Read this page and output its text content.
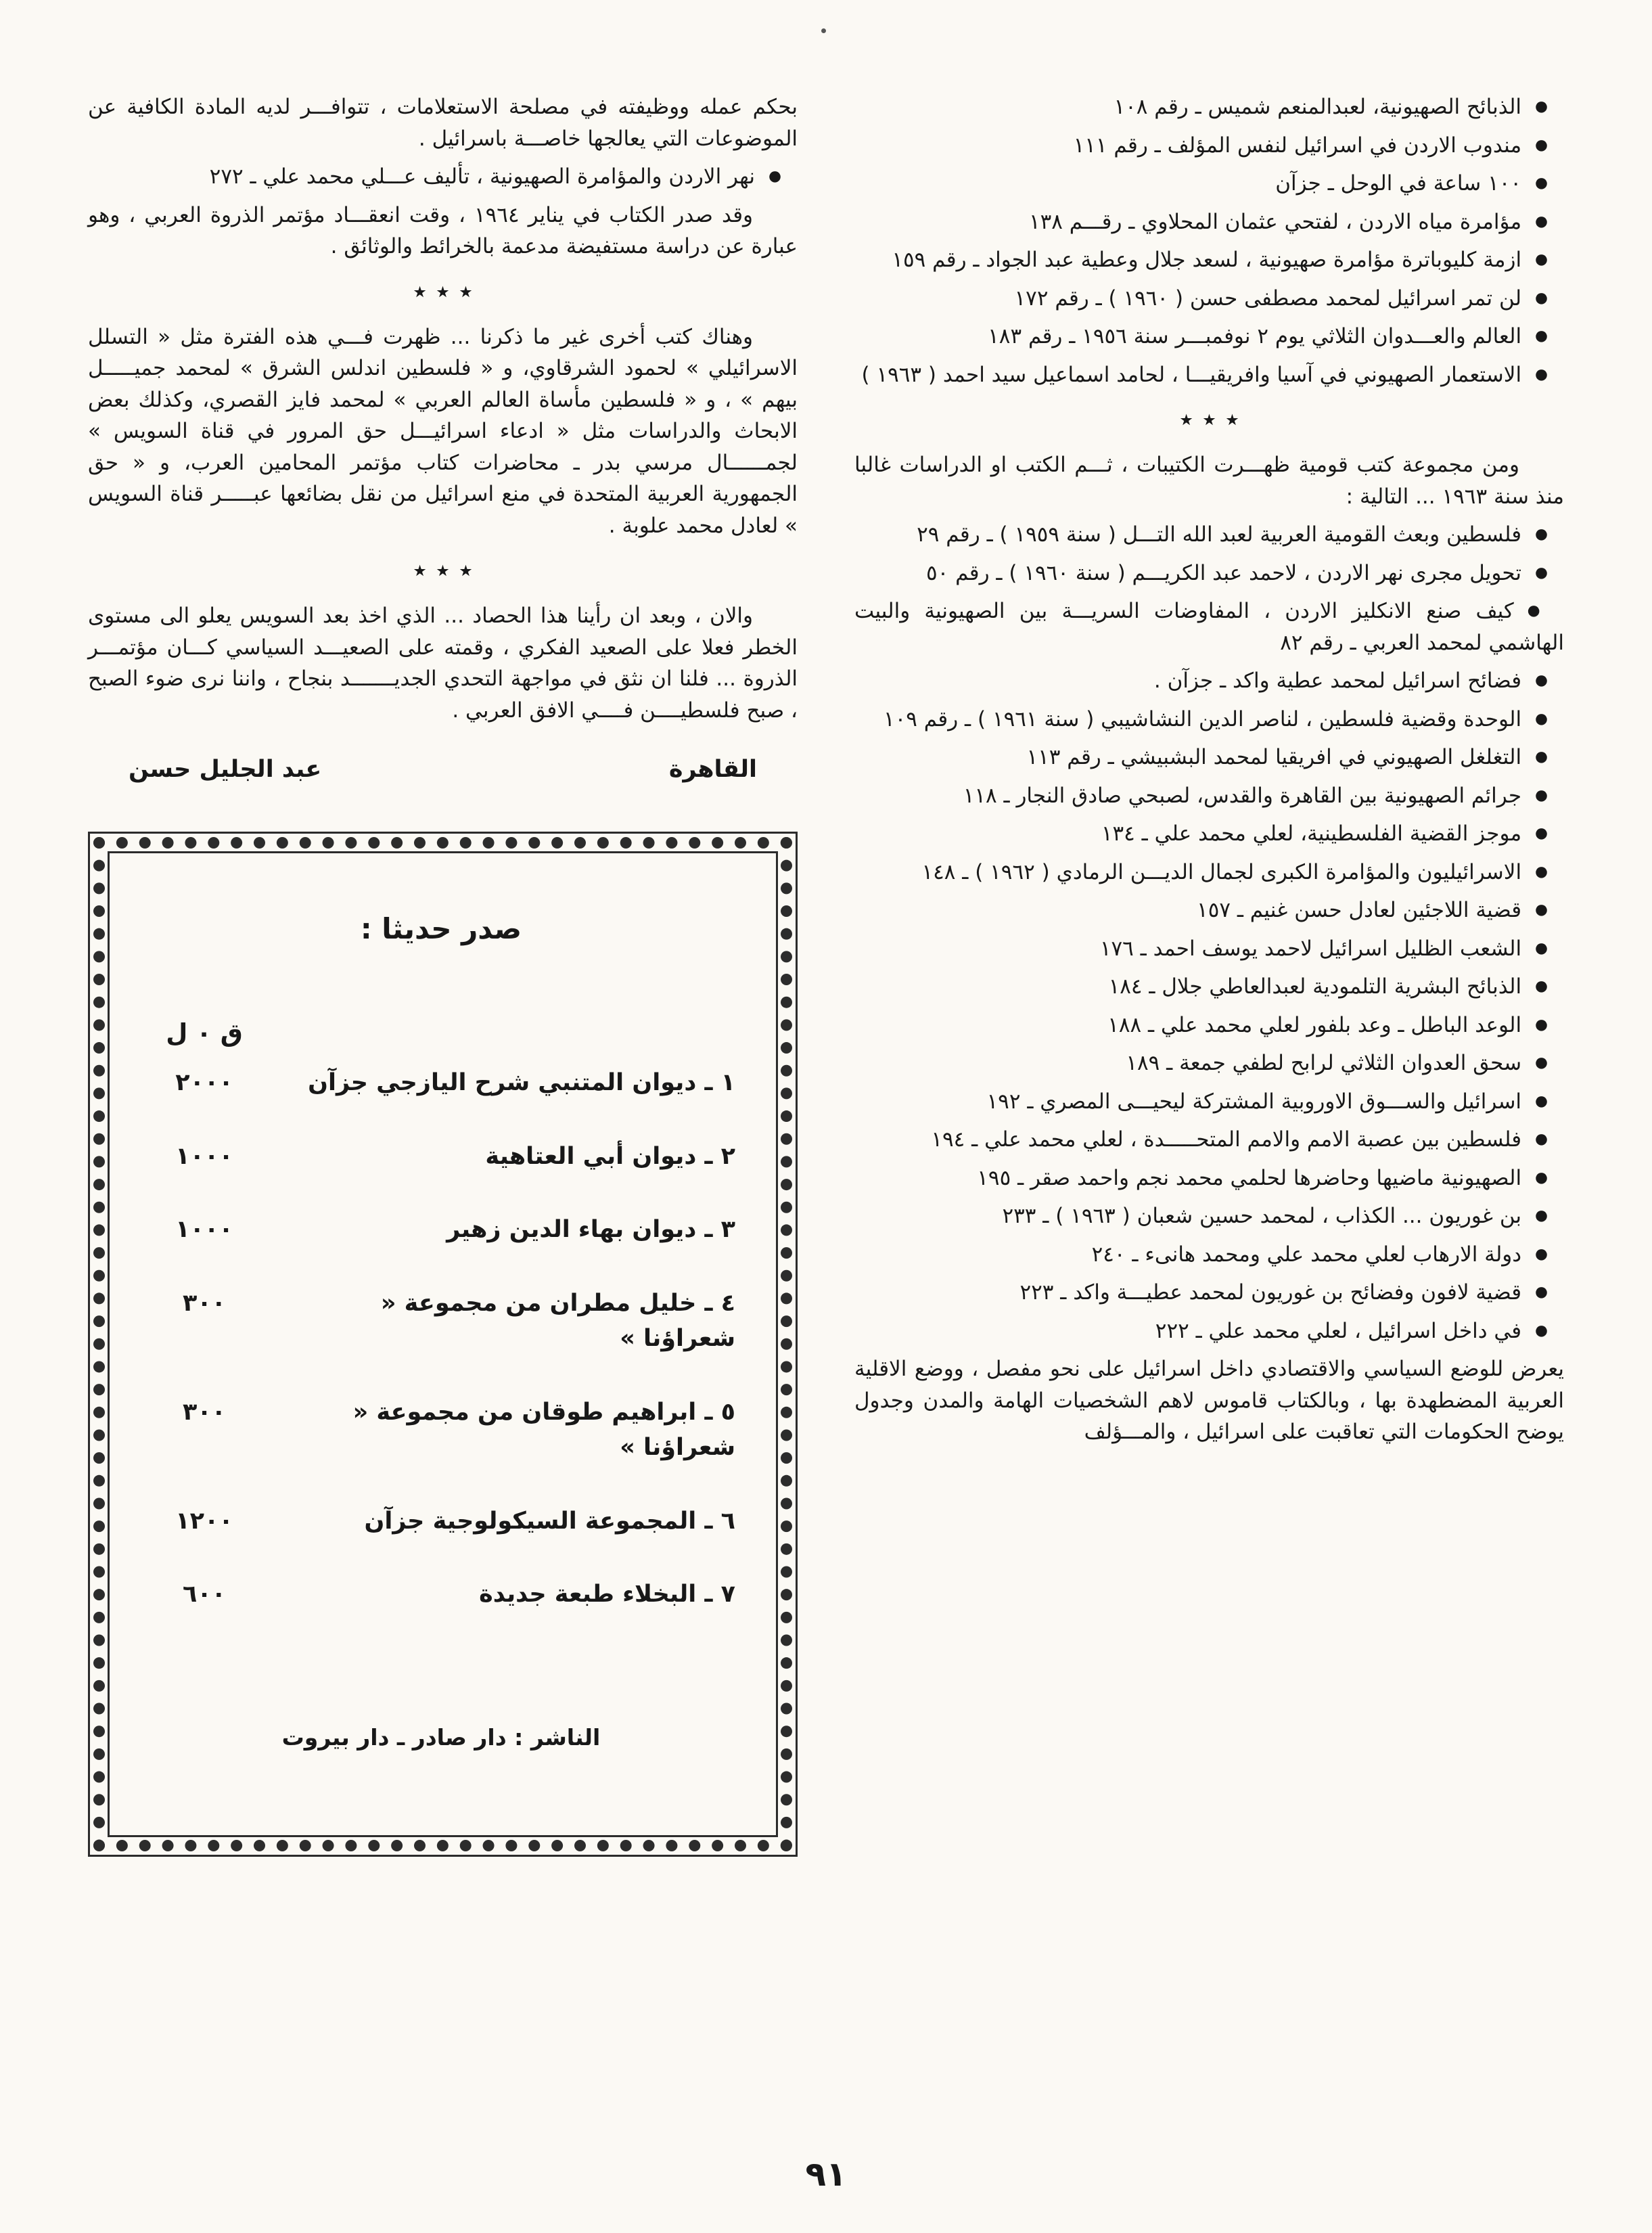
● الذبائح الصهيونية، لعبدالمنعم شميس ـ رقم ١٠٨
● مندوب الاردن في اسرائيل لنفس المؤلف ـ رقم ١١١
● ١٠٠ ساعة في الوحل ـ جزآن
● مؤامرة مياه الاردن ، لفتحي عثمان المحلاوي ـ رقـــم ١٣٨
● ازمة كليوباترة مؤامرة صهيونية ، لسعد جلال وعطية عبد الجواد ـ رقم ١٥٩
● لن تمر اسرائيل لمحمد مصطفى حسن ( ١٩٦٠ ) ـ رقم ١٧٢
● العالم والعـــدوان الثلاثي يوم ٢ نوفمبـــر سنة ١٩٥٦ ـ رقم ١٨٣
● الاستعمار الصهيوني في آسيا وافريقيـــا ، لحامد اسماعيل سيد احمد ( ١٩٦٣ )
٭ ٭ ٭
ومن مجموعة كتب قومية ظهـــرت الكتيبات ، ثـــم الكتب او الدراسات غالبا منذ سنة ١٩٦٣ ... التالية :
● فلسطين وبعث القومية العربية لعبد الله التـــل ( سنة ١٩٥٩ ) ـ رقم ٢٩
● تحويل مجرى نهر الاردن ، لاحمد عبد الكريـــم ( سنة ١٩٦٠ ) ـ رقم ٥٠
● كيف صنع الانكليز الاردن ، المفاوضات السريـــة بين الصهيونية والبيت الهاشمي لمحمد العربي ـ رقم ٨٢
● فضائح اسرائيل لمحمد عطية واكد ـ جزآن .
● الوحدة وقضية فلسطين ، لناصر الدين النشاشيبي ( سنة ١٩٦١ ) ـ رقم ١٠٩
● التغلغل الصهيوني في افريقيا لمحمد البشبيشي ـ رقم ١١٣
● جرائم الصهيونية بين القاهرة والقدس، لصبحي صادق النجار ـ ١١٨
● موجز القضية الفلسطينية، لعلي محمد علي ـ ١٣٤
● الاسرائيليون والمؤامرة الكبرى لجمال الديـــن الرمادي ( ١٩٦٢ ) ـ ١٤٨
● قضية اللاجئين لعادل حسن غنيم ـ ١٥٧
● الشعب الظليل اسرائيل لاحمد يوسف احمد ـ ١٧٦
● الذبائح البشرية التلمودية لعبدالعاطي جلال ـ ١٨٤
● الوعد الباطل ـ وعد بلفور لعلي محمد علي ـ ١٨٨
● سحق العدوان الثلاثي لرابح لطفي جمعة ـ ١٨٩
● اسرائيل والســـوق الاوروبية المشتركة ليحيـــى المصري ـ ١٩٢
● فلسطين بين عصبة الامم والامم المتحـــــدة ، لعلي محمد علي ـ ١٩٤
● الصهيونية ماضيها وحاضرها لحلمي محمد نجم واحمد صقر ـ ١٩٥
● بن غوريون ... الكذاب ، لمحمد حسين شعبان ( ١٩٦٣ ) ـ ٢٣٣
● دولة الارهاب لعلي محمد علي ومحمد هانىء ـ ٢٤٠
● قضية لافون وفضائح بن غوريون لمحمد عطيـــة واكد ـ ٢٢٣
● في داخل اسرائيل ، لعلي محمد علي ـ ٢٢٢
يعرض للوضع السياسي والاقتصادي داخل اسرائيل على نحو مفصل ، ووضع الاقلية العربية المضطهدة بها ، وبالكتاب قاموس لاهم الشخصيات الهامة والمدن وجدول يوضح الحكومات التي تعاقبت على اسرائيل ، والمـــؤلف
بحكم عمله ووظيفته في مصلحة الاستعلامات ، تتوافـــر لديه المادة الكافية عن الموضوعات التي يعالجها خاصـــة باسرائيل .
● نهر الاردن والمؤامرة الصهيونية ، تأليف عـــلي محمد علي ـ ٢٧٢
وقد صدر الكتاب في يناير ١٩٦٤ ، وقت انعقـــاد مؤتمر الذروة العربي ، وهو عبارة عن دراسة مستفيضة مدعمة بالخرائط والوثائق .
٭ ٭ ٭
وهناك كتب أخرى غير ما ذكرنا ... ظهرت فـــي هذه الفترة مثل « التسلل الاسرائيلي » لحمود الشرقاوي، و « فلسطين اندلس الشرق » لمحمد جميـــــل بيهم » ، و « فلسطين مأساة العالم العربي » لمحمد فايز القصري، وكذلك بعض الابحاث والدراسات مثل « ادعاء اسرائيـــل حق المرور في قناة السويس » لجمــــــال مرسي بدر ـ محاضرات كتاب مؤتمر المحامين العرب، و « حق الجمهورية العربية المتحدة في منع اسرائيل من نقل بضائعها عبـــــر قناة السويس » لعادل محمد علوبة .
٭ ٭ ٭
والان ، وبعد ان رأينا هذا الحصاد ... الذي اخذ بعد السويس يعلو الى مستوى الخطر فعلا على الصعيد الفكري ، وقمته على الصعيـــد السياسي كـــان مؤتمـــر الذروة ... فلنا ان نثق في مواجهة التحدي الجديـــــــد بنجاح ، واننا نرى ضوء الصبح ، صبح فلسطيــــن فــــي الافق العربي .
القاهرة
عبد الجليل حسن
صدر حديثا :
ق ٠ ل
١ ـ ديوان المتنبي شرح اليازجي جزآن
٢٠٠٠
٢ ـ ديوان أبي العتاهية
١٠٠٠
٣ ـ ديوان بهاء الدين زهير
١٠٠٠
٤ ـ خليل مطران من مجموعة « شعراؤنا »
٣٠٠
٥ ـ ابراهيم طوقان من مجموعة « شعراؤنا »
٣٠٠
٦ ـ المجموعة السيكولوجية جزآن
١٢٠٠
٧ ـ البخلاء طبعة جديدة
٦٠٠
الناشر : دار صادر ـ دار بيروت
٩١
